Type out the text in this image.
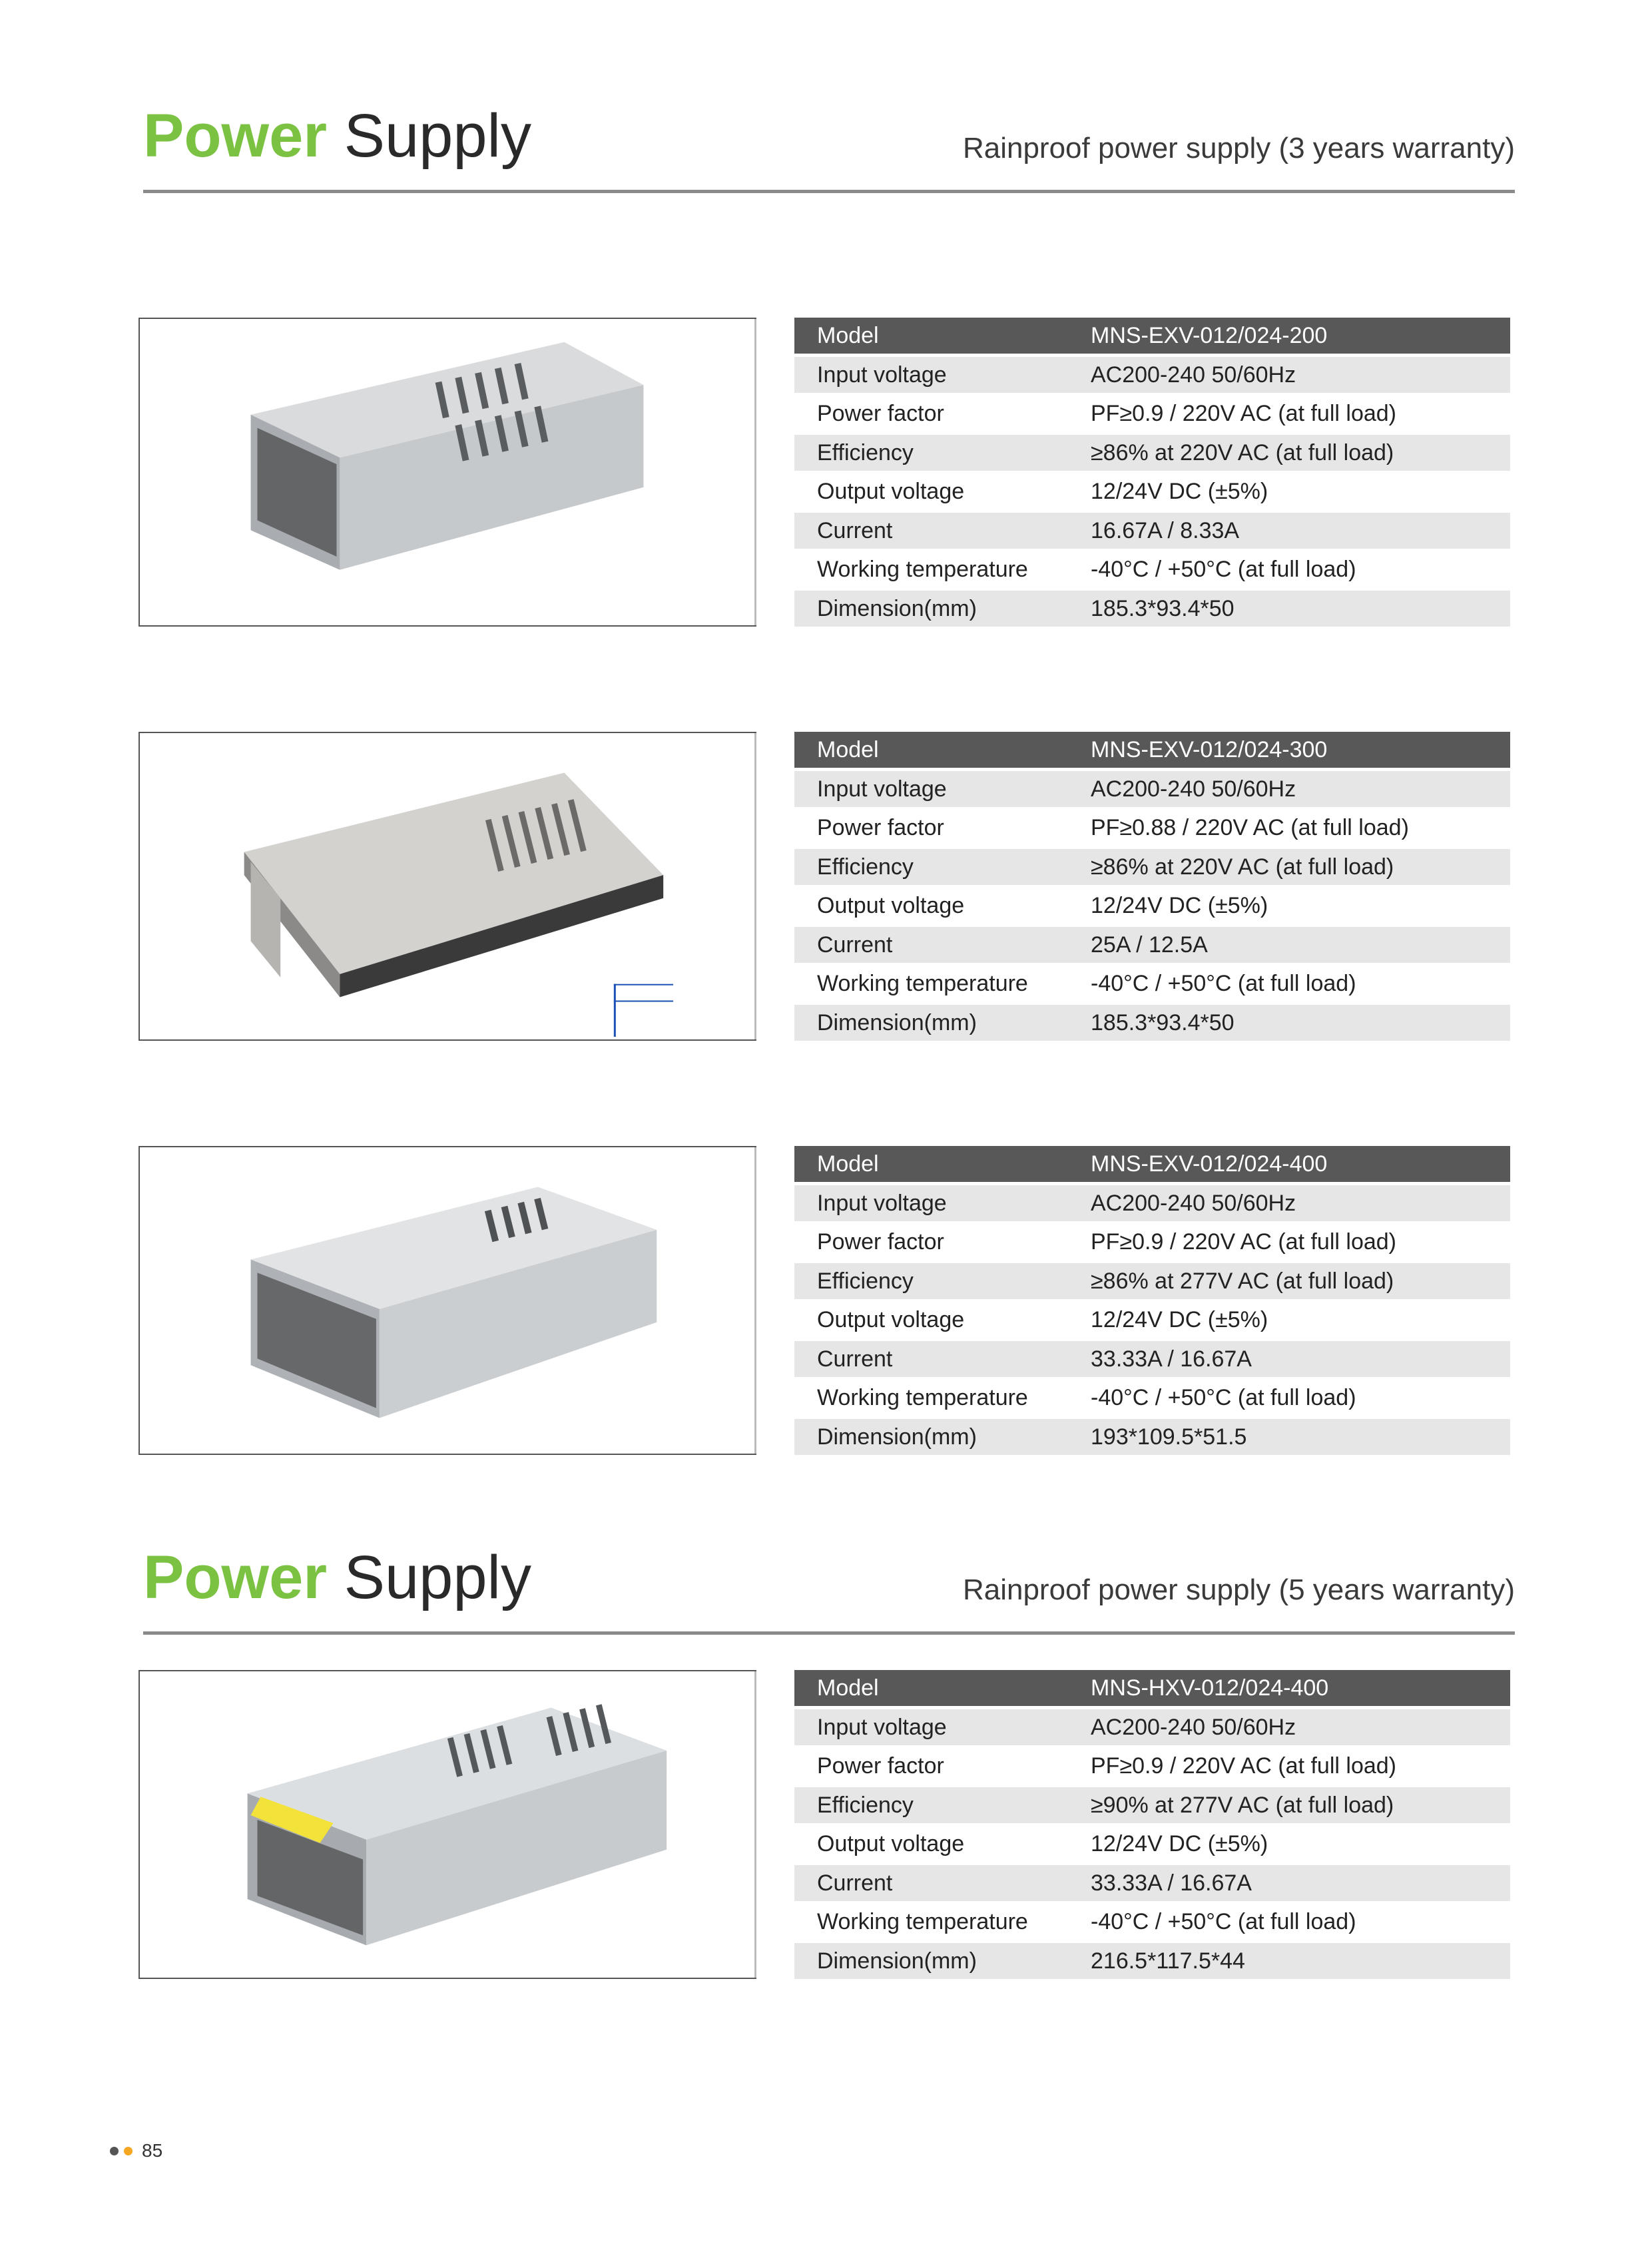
Power Supply	Rainproof power supply (3 years warranty)
Model	MNS-EXV-012/024-200
Input voltage	AC200-240 50/60Hz
Power factor	PF≥0.9 / 220V AC (at full load)
Efficiency	≥86% at 220V AC (at full load)
Output voltage	12/24V DC (±5%)
Current	16.67A / 8.33A
Working temperature	-40°C / +50°C (at full load)
Dimension(mm)	185.3*93.4*50
Model	MNS-EXV-012/024-300
Input voltage	AC200-240 50/60Hz
Power factor	PF≥0.88 / 220V AC (at full load)
Efficiency	≥86% at 220V AC (at full load)
Output voltage	12/24V DC (±5%)
Current	25A / 12.5A
Working temperature	-40°C / +50°C (at full load)
Dimension(mm)	185.3*93.4*50
Model	MNS-EXV-012/024-400
Input voltage	AC200-240 50/60Hz
Power factor	PF≥0.9 / 220V AC (at full load)
Efficiency	≥86% at 277V AC (at full load)
Output voltage	12/24V DC (±5%)
Current	33.33A / 16.67A
Working temperature	-40°C / +50°C (at full load)
Dimension(mm)	193*109.5*51.5
Power Supply	Rainproof power supply (5 years warranty)
Model	MNS-HXV-012/024-400
Input voltage	AC200-240 50/60Hz
Power factor	PF≥0.9 / 220V AC (at full load)
Efficiency	≥90% at 277V AC (at full load)
Output voltage	12/24V DC (±5%)
Current	33.33A / 16.67A
Working temperature	-40°C / +50°C (at full load)
Dimension(mm)	216.5*117.5*44
85
